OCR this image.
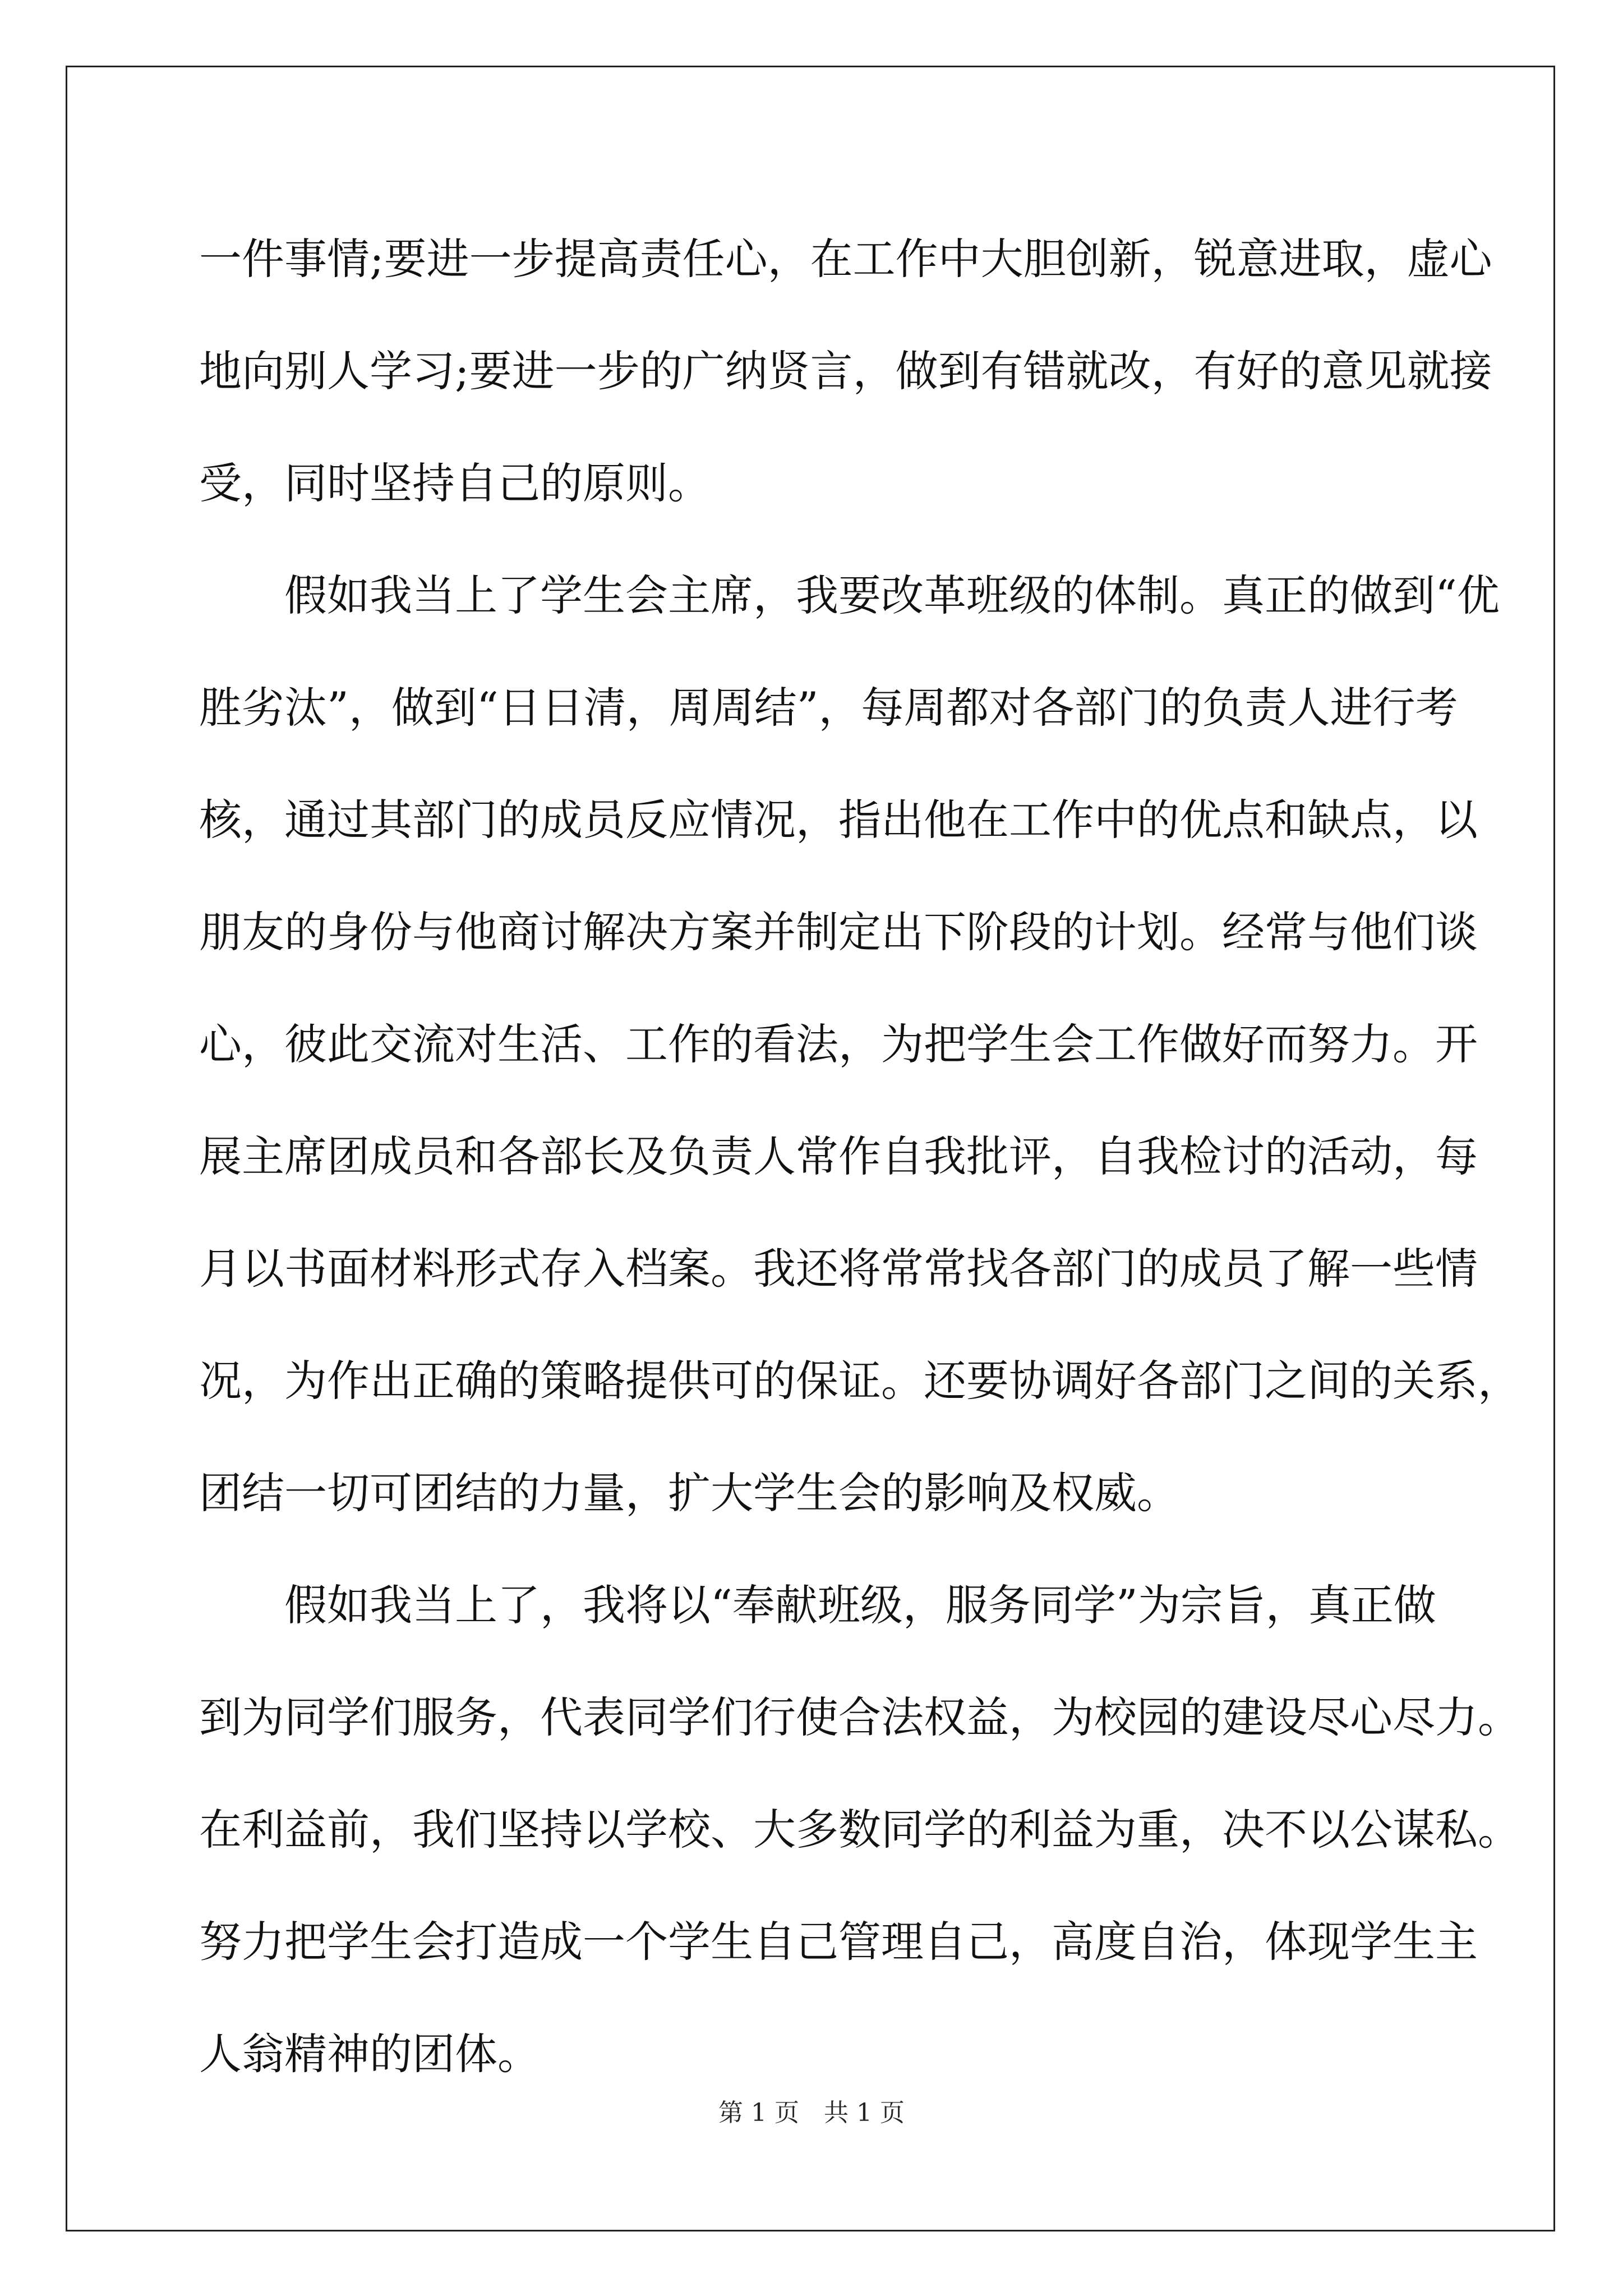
一件事情;要进一步提高责任心，在工作中大胆创新，锐意进取，虚心
地向别人学习;要进一步的广纳贤言，做到有错就改，有好的意见就接
受，同时坚持自己的原则。
　　假如我当上了学生会主席，我要改革班级的体制。真正的做到“优
胜劣汰”，做到“日日清，周周结”，每周都对各部门的负责人进行考
核，通过其部门的成员反应情况，指出他在工作中的优点和缺点，以
朋友的身份与他商讨解决方案并制定出下阶段的计划。经常与他们谈
心，彼此交流对生活、工作的看法，为把学生会工作做好而努力。开
展主席团成员和各部长及负责人常作自我批评，自我检讨的活动，每
月以书面材料形式存入档案。我还将常常找各部门的成员了解一些情
况，为作出正确的策略提供可的保证。还要协调好各部门之间的关系，
团结一切可团结的力量，扩大学生会的影响及权威。
　　假如我当上了，我将以“奉献班级，服务同学”为宗旨，真正做
到为同学们服务，代表同学们行使合法权益，为校园的建设尽心尽力。
在利益前，我们坚持以学校、大多数同学的利益为重，决不以公谋私。
努力把学生会打造成一个学生自己管理自己，高度自治，体现学生主
人翁精神的团体。
第 1 页　共 1 页
